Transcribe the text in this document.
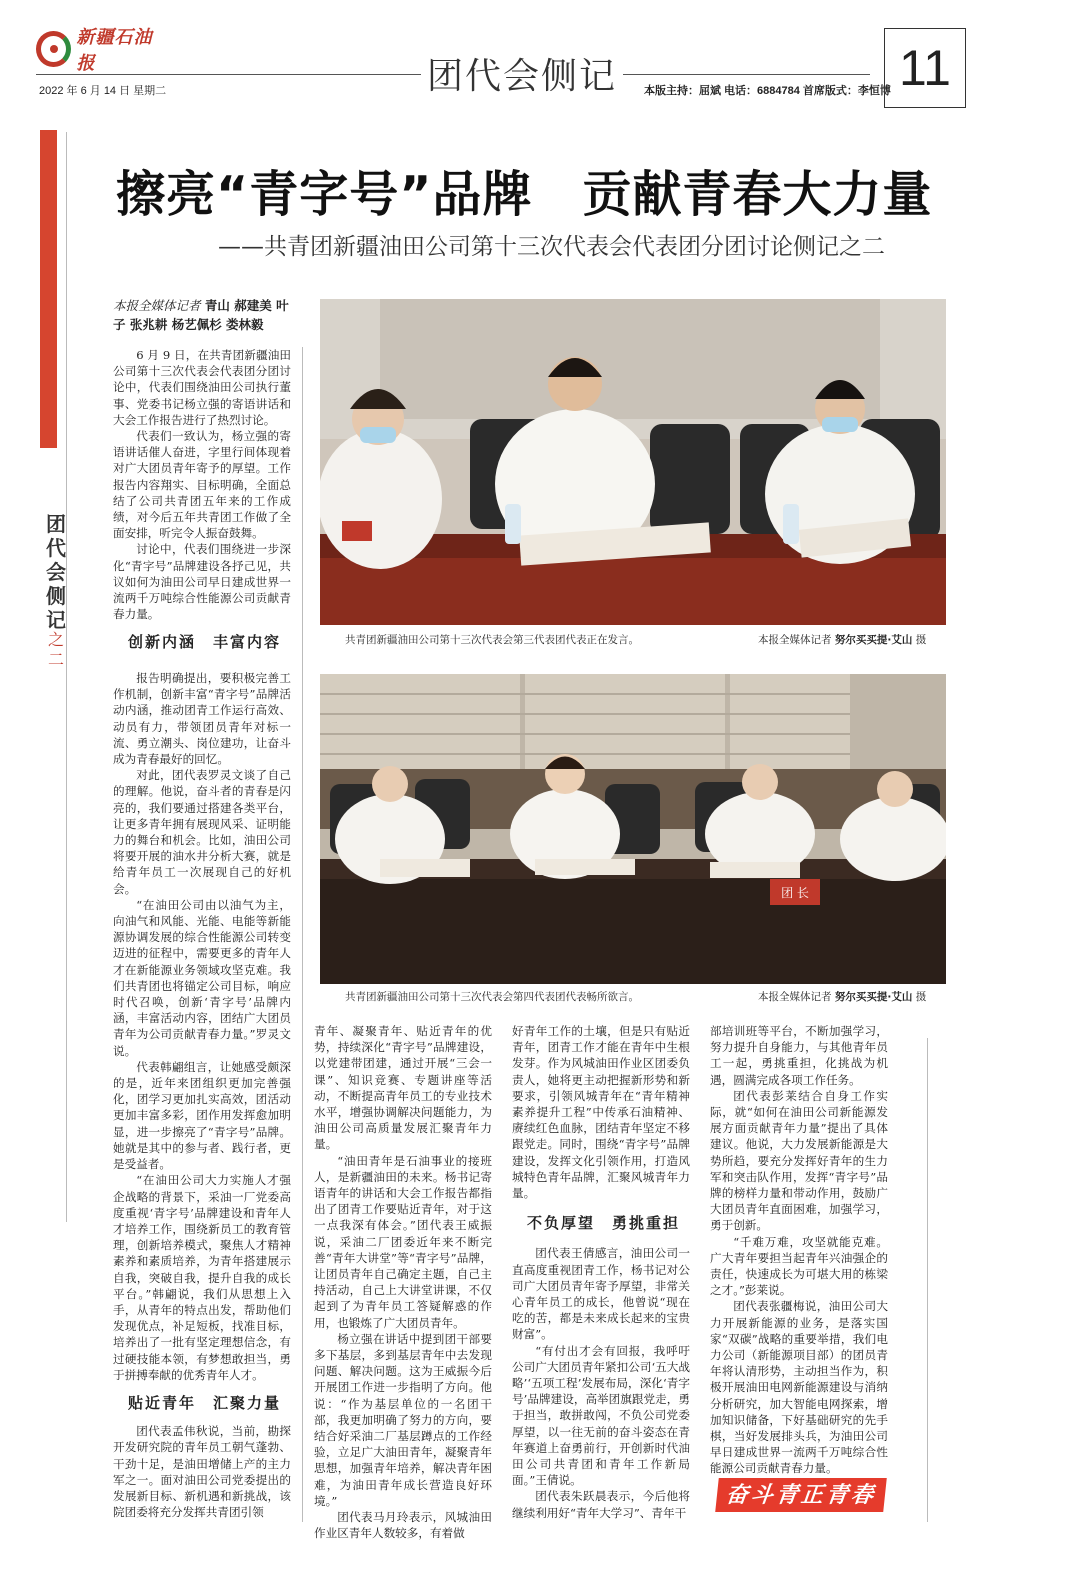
新疆石油报
2022 年 6 月 14 日 星期二	团代会侧记	本版主持：屈斌 电话：6884784 首席版式：李恒博 11
团代会侧记
之二
擦亮“青字号”品牌　贡献青春大力量
——共青团新疆油田公司第十三次代表会代表团分团讨论侧记之二
本报全媒体记者 青山 郝建美 叶子 张兆耕 杨艺佩杉 娄林毅

6 月 9 日，在共青团新疆油田公司第十三次代表会代表团分团讨论中，代表们围绕油田公司执行董事、党委书记杨立强的寄语讲话和大会工作报告进行了热烈讨论。

代表们一致认为，杨立强的寄语讲话催人奋进，字里行间体现着对广大团员青年寄予的厚望。工作报告内容翔实、目标明确，全面总结了公司共青团五年来的工作成绩，对今后五年共青团工作做了全面安排，听完令人振奋鼓舞。

讨论中，代表们围绕进一步深化“青字号”品牌建设各抒己见，共议如何为油田公司早日建成世界一流两千万吨综合性能源公司贡献青春力量。

创新内涵　丰富内容

报告明确提出，要积极完善工作机制，创新丰富“青字号”品牌活动内涵，推动团青工作运行高效、动员有力，带领团员青年对标一流、勇立潮头、岗位建功，让奋斗成为青春最好的回忆。

对此，团代表罗灵文谈了自己的理解。他说，奋斗者的青春是闪亮的，我们要通过搭建各类平台，让更多青年拥有展现风采、证明能力的舞台和机会。比如，油田公司将要开展的油水井分析大赛，就是给青年员工一次展现自己的好机会。

“在油田公司由以油气为主，向油气和风能、光能、电能等新能源协调发展的综合性能源公司转变迈进的征程中，需要更多的青年人才在新能源业务领域攻坚克难。我们共青团也将锚定公司目标，响应时代召唤，创新‘青字号’品牌内涵，丰富活动内容，团结广大团员青年为公司贡献青春力量。”罗灵文说。

代表韩翩组言，让她感受颇深的是，近年来团组织更加完善强化，团学习更加扎实高效，团活动更加丰富多彩，团作用发挥愈加明显，进一步擦亮了“青字号”品牌。她就是其中的参与者、践行者，更是受益者。

“在油田公司大力实施人才强企战略的背景下，采油一厂党委高度重视‘青字号’品牌建设和青年人才培养工作，围绕新员工的教育管理，创新培养模式，聚焦人才精神素养和素质培养，为青年搭建展示自我，突破自我，提升自我的成长平台。”韩翩说，我们从思想上入手，从青年的特点出发，帮助他们发现优点，补足短板，找准目标，培养出了一批有坚定理想信念，有过硬技能本领，有梦想敢担当，勇于拼搏奉献的优秀青年人才。

贴近青年　汇聚力量

团代表孟伟秋说，当前，勘探开发研究院的青年员工朝气蓬勃、干劲十足，是油田增储上产的主力军之一。面对油田公司党委提出的发展新目标、新机遇和新挑战，该院团委将充分发挥共青团引领

共青团新疆油田公司第十三次代表会第三代表团代表正在发言。	本报全媒体记者 努尔买买提·艾山 摄
团 长
共青团新疆油田公司第十三次代表会第四代表团代表畅所欲言。	本报全媒体记者 努尔买买提·艾山 摄

青年、凝聚青年、贴近青年的优势，持续深化“青字号”品牌建设，以党建带团建，通过开展“三会一课”、知识竞赛、专题讲座等活动，不断提高青年员工的专业技术水平，增强协调解决问题能力，为油田公司高质量发展汇聚青年力量。

“油田青年是石油事业的接班人，是新疆油田的未来。杨书记寄语青年的讲话和大会工作报告都指出了团青工作要贴近青年，对于这一点我深有体会。”团代表王威振说，采油二厂团委近年来不断完善“青年大讲堂”等“青字号”品牌，让团员青年自己确定主题，自己主持活动，自己上大讲堂讲课，不仅起到了为青年员工答疑解惑的作用，也锻炼了广大团员青年。

杨立强在讲话中提到团干部要多下基层，多到基层青年中去发现问题、解决问题。这为王威振今后开展团工作进一步指明了方向。他说：“作为基层单位的一名团干部，我更加明确了努力的方向，要结合好采油二厂基层蹲点的工作经验，立足广大油田青年，凝聚青年思想，加强青年培养，解决青年困难，为油田青年成长营造良好环境。”

团代表马月玲表示，风城油田作业区青年人数较多，有着做

好青年工作的土壤，但是只有贴近青年，团青工作才能在青年中生根发芽。作为风城油田作业区团委负责人，她将更主动把握新形势和新要求，引领风城青年在“青年精神素养提升工程”中传承石油精神、赓续红色血脉，团结青年坚定不移跟党走。同时，围绕“青字号”品牌建设，发挥文化引领作用，打造风城特色青年品牌，汇聚风城青年力量。

不负厚望　勇挑重担

团代表王倩感言，油田公司一直高度重视团青工作，杨书记对公司广大团员青年寄予厚望，非常关心青年员工的成长，他曾说“现在吃的苦，都是未来成长起来的宝贵财富”。

“有付出才会有回报，我呼吁公司广大团员青年紧扣公司‘五大战略’‘五项工程’发展布局，深化‘青字号’品牌建设，高举团旗跟党走，勇于担当，敢拼敢闯，不负公司党委厚望，以一往无前的奋斗姿态在青年赛道上奋勇前行，开创新时代油田公司共青团和青年工作新局面。”王倩说。

团代表朱跃晨表示，今后他将继续利用好“青年大学习”、青年干

部培训班等平台，不断加强学习，努力提升自身能力，与其他青年员工一起，勇挑重担，化挑战为机遇，圆满完成各项工作任务。

团代表彭莱结合自身工作实际，就“如何在油田公司新能源发展方面贡献青年力量”提出了具体建议。他说，大力发展新能源是大势所趋，要充分发挥好青年的生力军和突击队作用，发挥“青字号”品牌的榜样力量和带动作用，鼓励广大团员青年直面困难，加强学习，勇于创新。

“千难万难，攻坚就能克难。广大青年要担当起青年兴油强企的责任，快速成长为可堪大用的栋梁之才。”彭莱说。

团代表张疆梅说，油田公司大力开展新能源的业务，是落实国家“双碳”战略的重要举措，我们电力公司（新能源项目部）的团员青年将认清形势，主动担当作为，积极开展油田电网新能源建设与消纳分析研究，加大智能电网探索，增加知识储备，下好基础研究的先手棋，当好发展排头兵，为油田公司早日建成世界一流两千万吨综合性能源公司贡献青春力量。

奋斗青正青春
